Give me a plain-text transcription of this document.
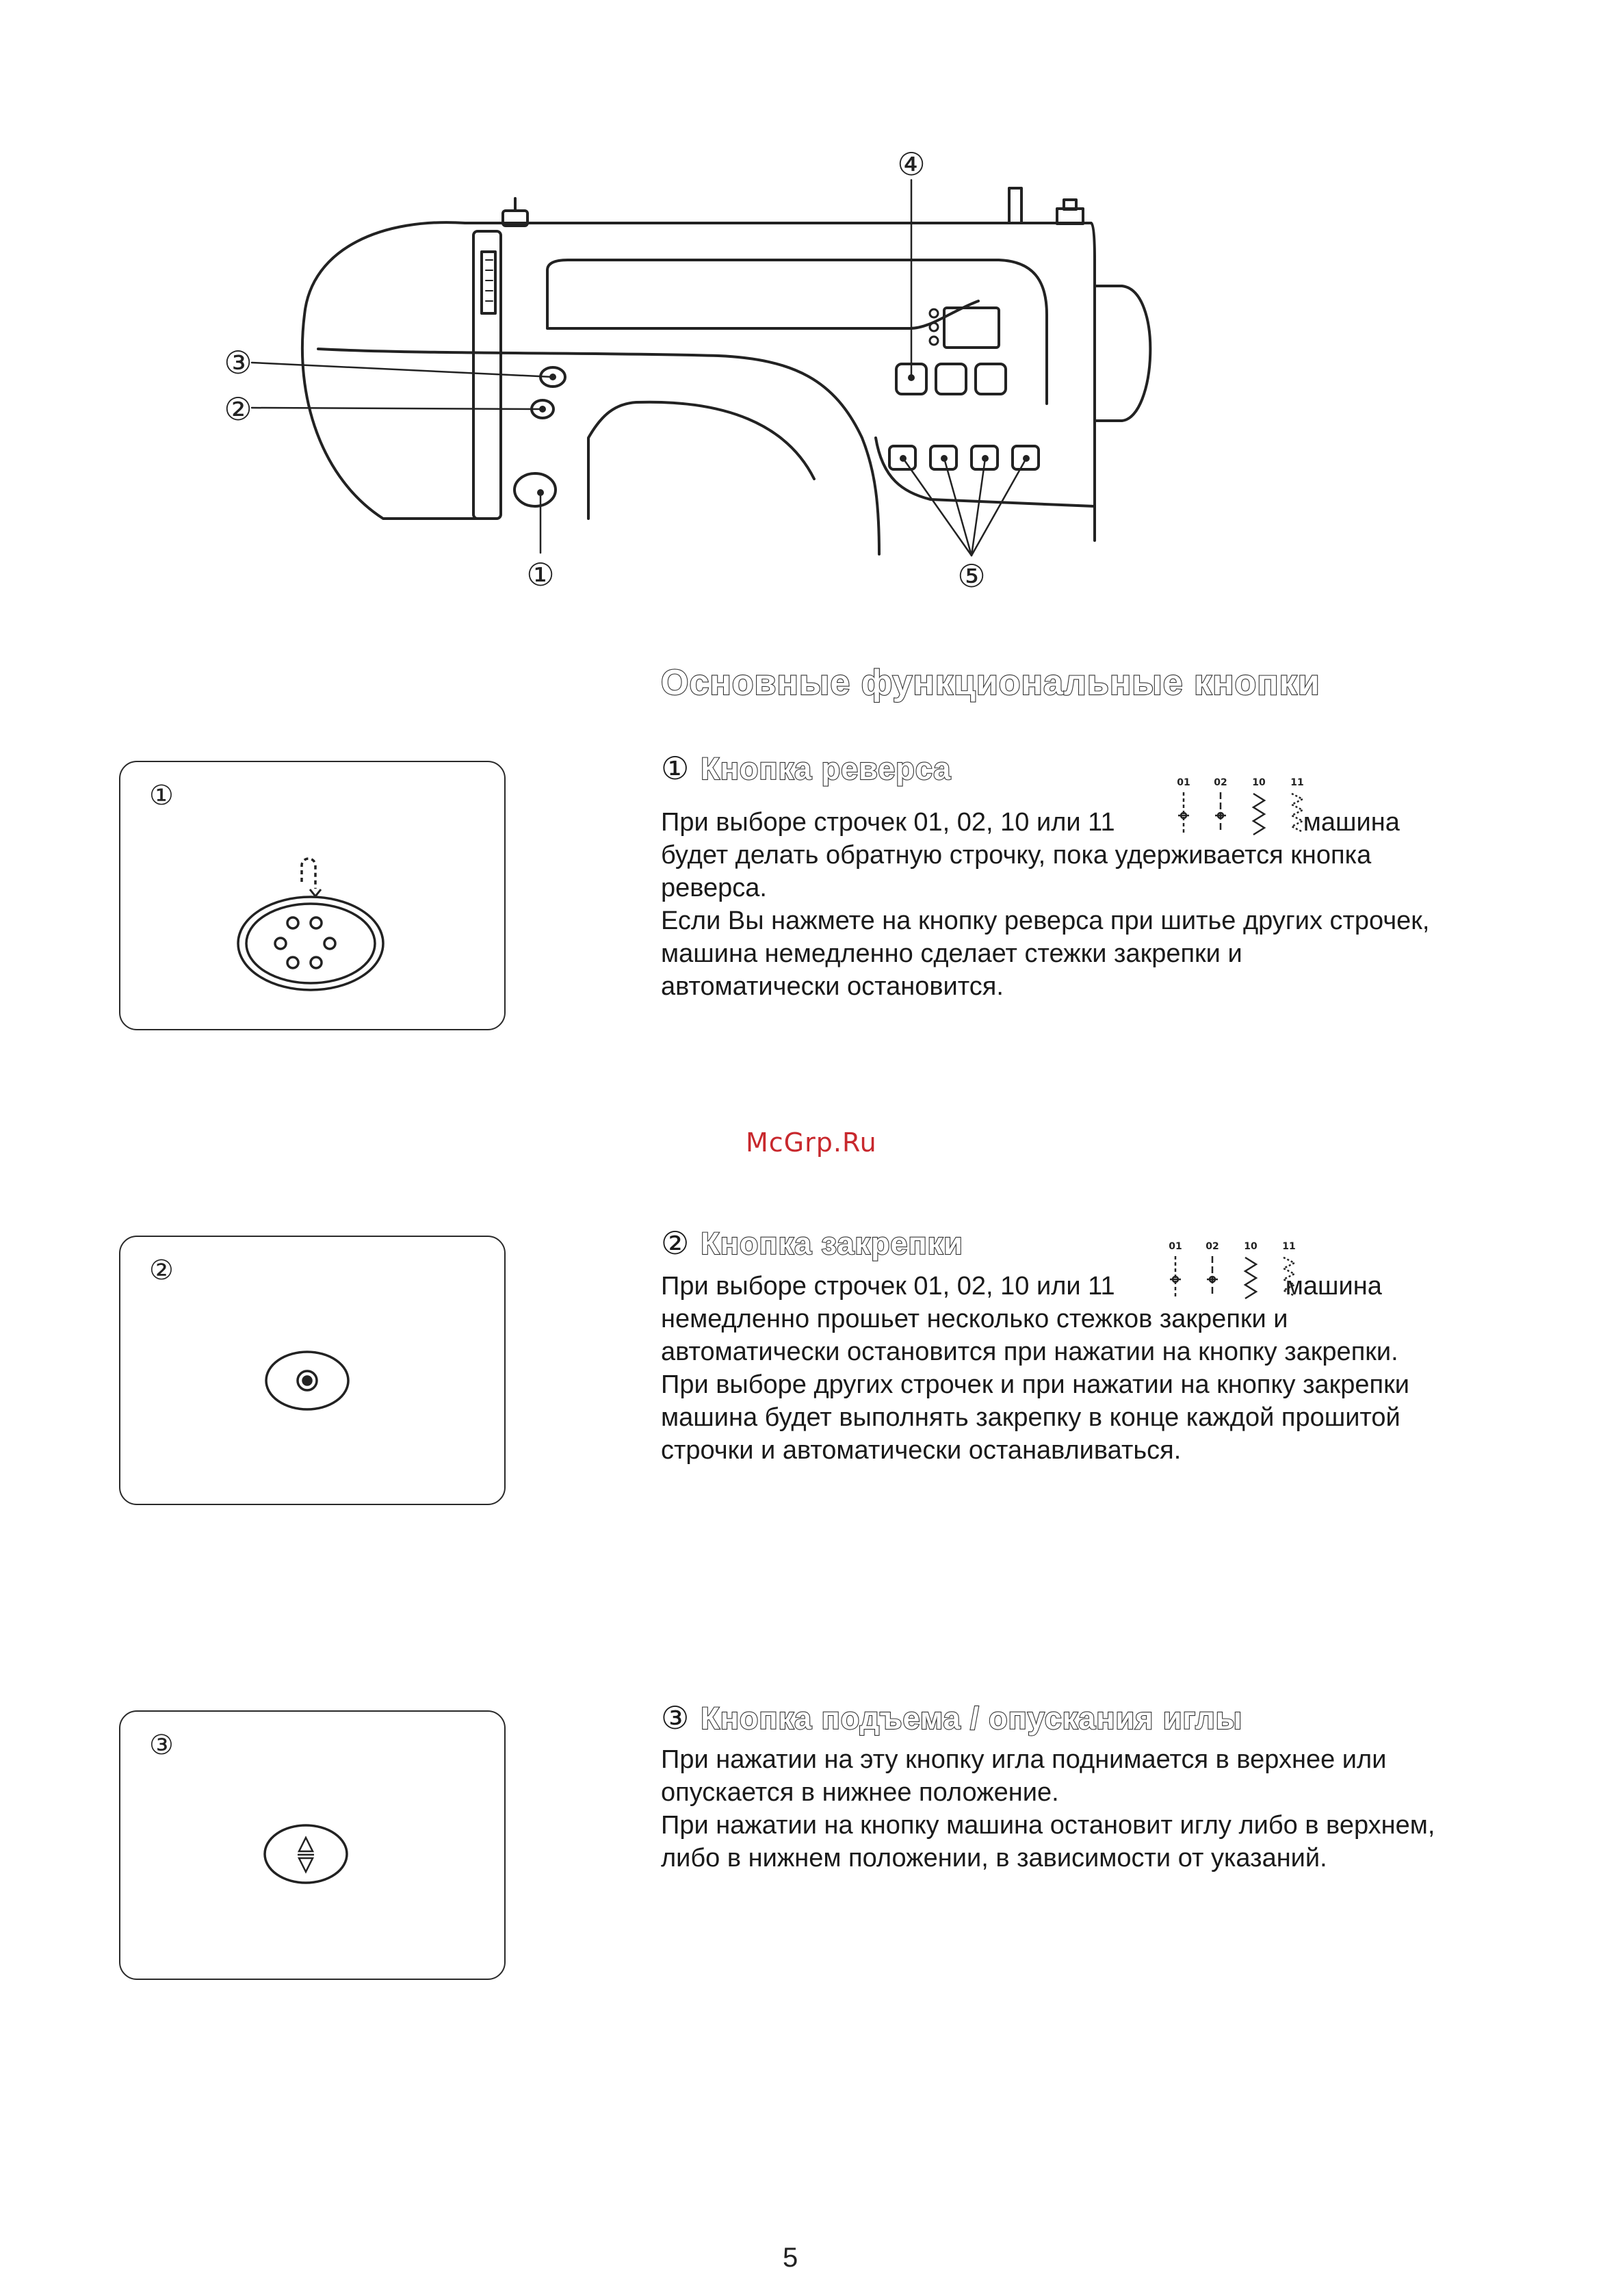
④
③
②
①	⑤
Основные функциональные кнопки
① Кнопка реверса
При выборе строчек 01, 02, 10 или 11	машина
будет делать обратную строчку, пока удерживается кнопка
реверса.
Если Вы нажмете на кнопку реверса при шитье других строчек,
машина немедленно сделает стежки закрепки и
автоматически остановится.
01 02	10	11
①
McGrp.Ru
② Кнопка закрепки
При выборе строчек 01, 02, 10 или 11	машина
немедленно прошьет несколько стежков закрепки и
автоматически остановится при нажатии на кнопку закрепки.
При выборе других строчек и при нажатии на кнопку закрепки
машина будет выполнять закрепку в конце каждой прошитой
строчки и автоматически останавливаться.
01 02	10	11
②
③ Кнопка подъема / опускания иглы
При нажатии на эту кнопку игла поднимается в верхнее или
опускается в нижнее положение.
При нажатии на кнопку машина остановит иглу либо в верхнем,
либо в нижнем положении, в зависимости от указаний.
③
5
